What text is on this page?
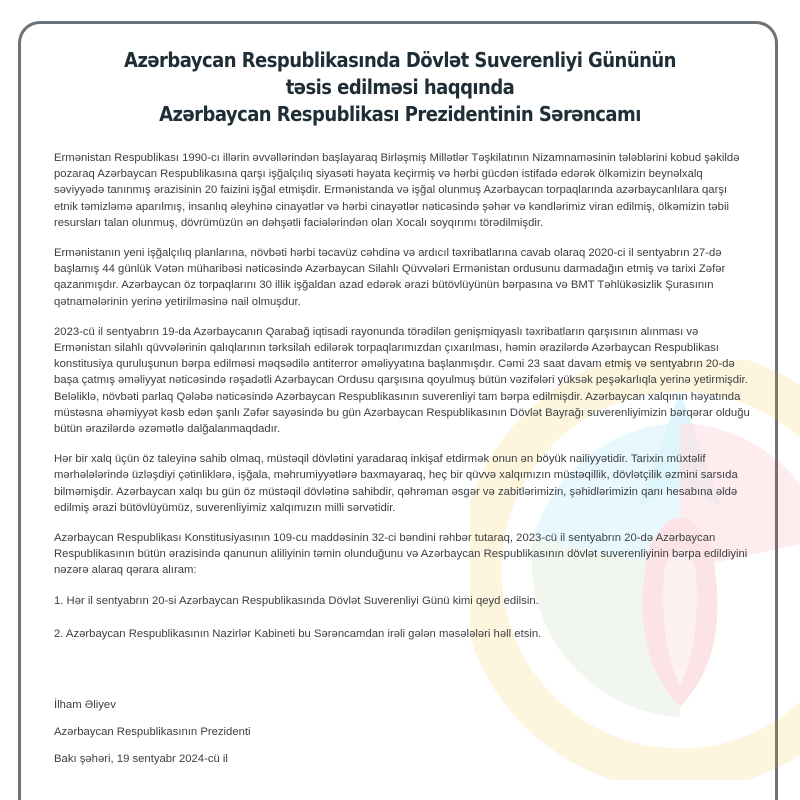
Azərbaycan Respublikasında Dövlət Suverenliyi Gününün
təsis edilməsi haqqında
Azərbaycan Respublikası Prezidentinin Sərəncamı

Ermənistan Respublikası 1990-cı illərin əvvəllərindən başlayaraq Birləşmiş Millətlər Təşkilatının Nizamnaməsinin tələblərini kobud şəkildə pozaraq Azərbaycan Respublikasına qarşı işğalçılıq siyasəti həyata keçirmiş və hərbi gücdən istifadə edərək ölkəmizin beynəlxalq səviyyədə tanınmış ərazisinin 20 faizini işğal etmişdir. Ermənistanda və işğal olunmuş Azərbaycan torpaqlarında azərbaycanlılara qarşı etnik təmizləmə aparılmış, insanlıq əleyhinə cinayətlər və hərbi cinayətlər nəticəsində şəhər və kəndlərimiz viran edilmiş, ölkəmizin təbii resursları talan olunmuş, dövrümüzün ən dəhşətli faciələrindən olan Xocalı soyqırımı törədilmişdir.

Ermənistanın yeni işğalçılıq planlarına, növbəti hərbi təcavüz cəhdinə və ardıcıl təxribatlarına cavab olaraq 2020-ci il sentyabrın 27-də başlamış 44 günlük Vətən müharibəsi nəticəsində Azərbaycan Silahlı Qüvvələri Ermənistan ordusunu darmadağın etmiş və tarixi Zəfər qazanmışdır. Azərbaycan öz torpaqlarını 30 illik işğaldan azad edərək ərazi bütövlüyünün bərpasına və BMT Təhlükəsizlik Şurasının qətnamələrinin yerinə yetirilməsinə nail olmuşdur.

2023-cü il sentyabrın 19-da Azərbaycanın Qarabağ iqtisadi rayonunda törədilən genişmiqyaslı təxribatların qarşısının alınması və Ermənistan silahlı qüvvələrinin qalıqlarının tərksilah edilərək torpaqlarımızdan çıxarılması, həmin ərazilərdə Azərbaycan Respublikası konstitusiya quruluşunun bərpa edilməsi məqsədilə antiterror əməliyyatına başlanmışdır. Cəmi 23 saat davam etmiş və sentyabrın 20-də başa çatmış əməliyyat nəticəsində rəşadətli Azərbaycan Ordusu qarşısına qoyulmuş bütün vəzifələri yüksək peşəkarlıqla yerinə yetirmişdir. Beləliklə, növbəti parlaq Qələbə nəticəsində Azərbaycan Respublikasının suverenliyi tam bərpa edilmişdir. Azərbaycan xalqının həyatında müstəsna əhəmiyyət kəsb edən şanlı Zəfər sayəsində bu gün Azərbaycan Respublikasının Dövlət Bayrağı suverenliyimizin bərqərar olduğu bütün ərazilərdə əzəmətlə dalğalanmaqdadır.

Hər bir xalq üçün öz taleyinə sahib olmaq, müstəqil dövlətini yaradaraq inkişaf etdirmək onun ən böyük nailiyyətidir. Tarixin müxtəlif mərhələlərində üzləşdiyi çətinliklərə, işğala, məhrumiyyətlərə baxmayaraq, heç bir qüvvə xalqımızın müstəqillik, dövlətçilik əzmini sarsıda bilməmişdir. Azərbaycan xalqı bu gün öz müstəqil dövlətinə sahibdir, qəhrəman əsgər və zabitlərimizin, şəhidlərimizin qanı hesabına əldə edilmiş ərazi bütövlüyümüz, suverenliyimiz xalqımızın milli sərvətidir.

Azərbaycan Respublikası Konstitusiyasının 109-cu maddəsinin 32-ci bəndini rəhbər tutaraq, 2023-cü il sentyabrın 20-də Azərbaycan Respublikasının bütün ərazisində qanunun aliliyinin təmin olunduğunu və Azərbaycan Respublikasının dövlət suverenliyinin bərpa edildiyini nəzərə alaraq qərara alıram:

1. Hər il sentyabrın 20-si Azərbaycan Respublikasında Dövlət Suverenliyi Günü kimi qeyd edilsin.

2. Azərbaycan Respublikasının Nazirlər Kabineti bu Sərəncamdan irəli gələn məsələləri həll etsin.

İlham Əliyev
Azərbaycan Respublikasının Prezidenti
Bakı şəhəri, 19 sentyabr 2024-cü il
